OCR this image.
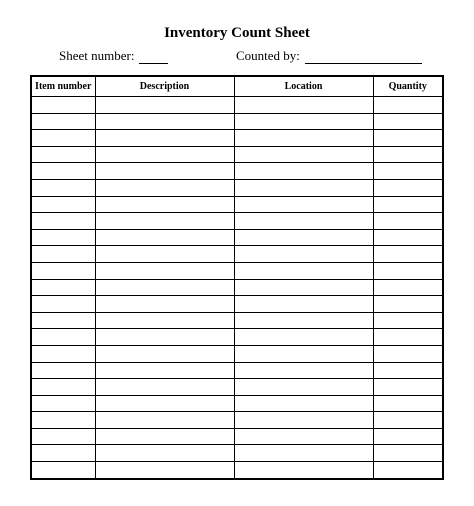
Inventory Count Sheet
Sheet number:	Counted by:
Item number	Description	Location	Quantity
